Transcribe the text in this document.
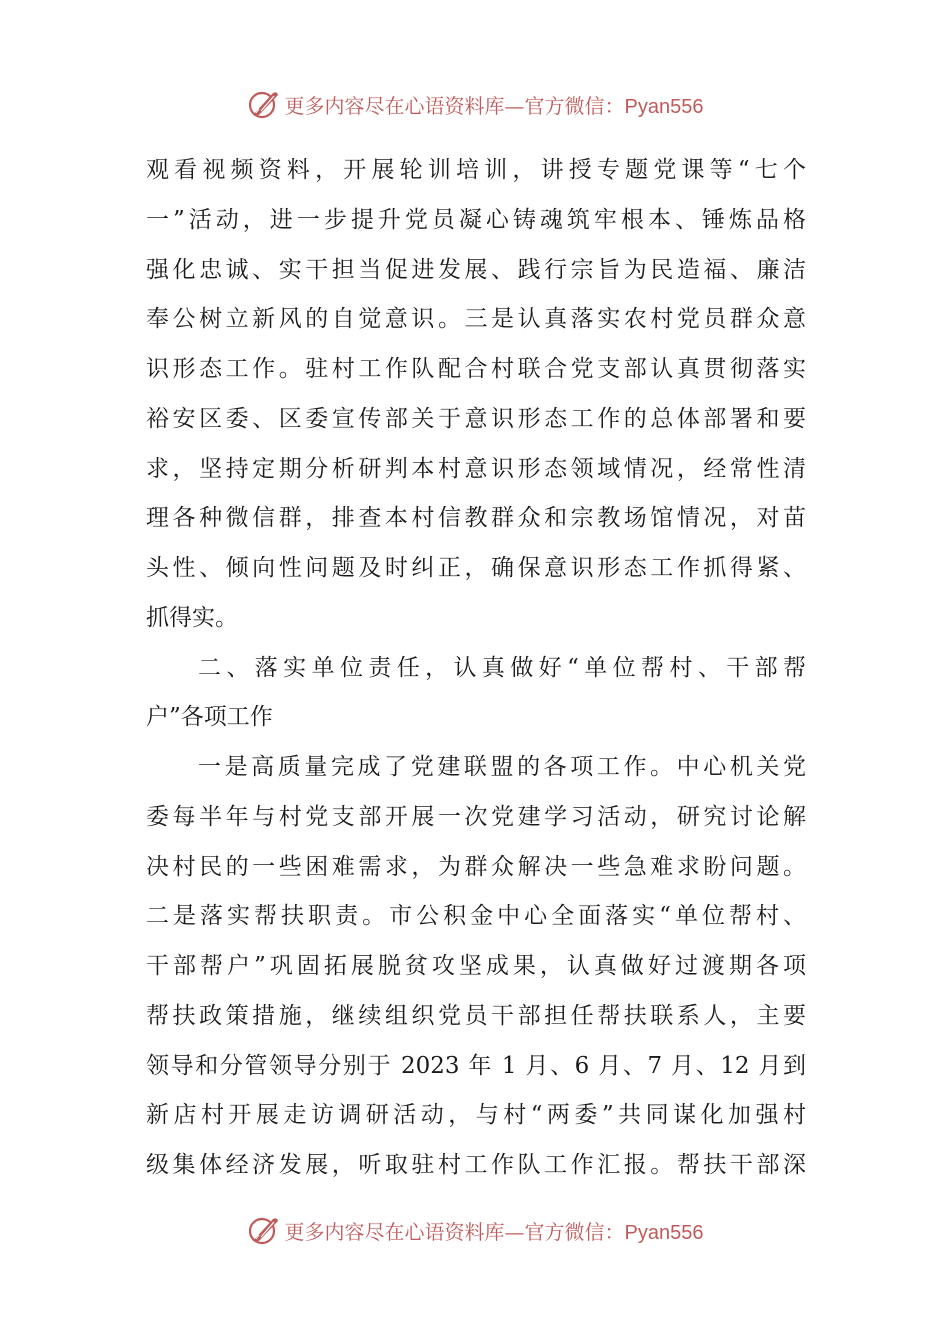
更多内容尽在心语资料库—官方微信：Pyan556
观看视频资料，开展轮训培训，讲授专题党课等“七个
一”活动，进一步提升党员凝心铸魂筑牢根本、锤炼品格
强化忠诚、实干担当促进发展、践行宗旨为民造福、廉洁
奉公树立新风的自觉意识。三是认真落实农村党员群众意
识形态工作。驻村工作队配合村联合党支部认真贯彻落实
裕安区委、区委宣传部关于意识形态工作的总体部署和要
求，坚持定期分析研判本村意识形态领域情况，经常性清
理各种微信群，排查本村信教群众和宗教场馆情况，对苗
头性、倾向性问题及时纠正，确保意识形态工作抓得紧、
抓得实。
二、落实单位责任，认真做好“单位帮村、干部帮
户”各项工作
一是高质量完成了党建联盟的各项工作。中心机关党
委每半年与村党支部开展一次党建学习活动，研究讨论解
决村民的一些困难需求，为群众解决一些急难求盼问题。
二是落实帮扶职责。市公积金中心全面落实“单位帮村、
干部帮户”巩固拓展脱贫攻坚成果，认真做好过渡期各项
帮扶政策措施，继续组织党员干部担任帮扶联系人，主要
领导和分管领导分别于 2023 年 1 月、6 月、7 月、12 月到
新店村开展走访调研活动，与村“两委”共同谋化加强村
级集体经济发展，听取驻村工作队工作汇报。帮扶干部深
更多内容尽在心语资料库—官方微信：Pyan556
